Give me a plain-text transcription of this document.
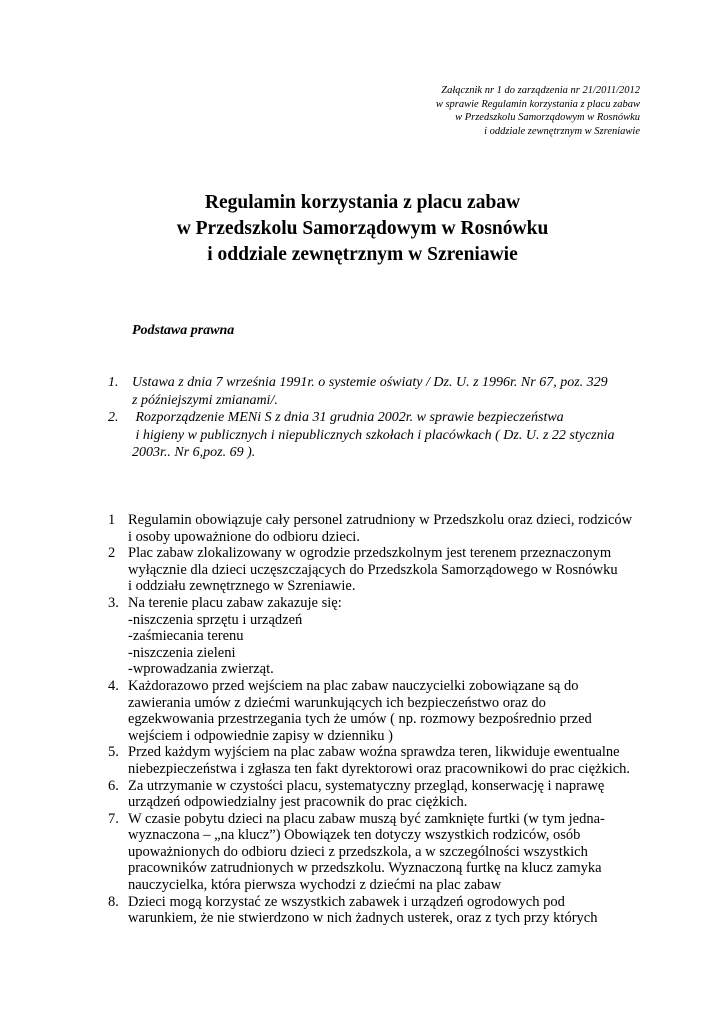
Załącznik nr 1 do zarządzenia nr 21/2011/2012
w sprawie Regulamin korzystania z placu zabaw
w Przedszkolu Samorządowym w Rosnówku
i oddziale zewnętrznym w Szreniawie
Regulamin korzystania z placu zabaw
w Przedszkolu Samorządowym w Rosnówku
i oddziale zewnętrznym w Szreniawie
Podstawa prawna
1. Ustawa z dnia 7 września 1991r. o systemie oświaty / Dz. U. z 1996r. Nr 67, poz. 329
z późniejszymi zmianami/.
2. Rozporządzenie MENi S z dnia 31 grudnia 2002r. w sprawie bezpieczeństwa
i higieny w publicznych i niepublicznych szkołach i placówkach ( Dz. U. z 22 stycznia
2003r.. Nr 6,poz. 69 ).
1 Regulamin obowiązuje cały personel zatrudniony w Przedszkolu oraz dzieci, rodziców
i osoby upoważnione do odbioru dzieci.
2 Plac zabaw zlokalizowany w ogrodzie przedszkolnym jest terenem przeznaczonym
wyłącznie dla dzieci uczęszczających do Przedszkola Samorządowego w Rosnówku
i oddziału zewnętrznego w Szreniawie.
3. Na terenie placu zabaw zakazuje się:
-niszczenia sprzętu i urządzeń
-zaśmiecania terenu
-niszczenia zieleni
-wprowadzania zwierząt.
4. Każdorazowo przed wejściem na plac zabaw nauczycielki zobowiązane są do
zawierania umów z dziećmi warunkujących ich bezpieczeństwo oraz do
egzekwowania przestrzegania tych że umów ( np. rozmowy bezpośrednio przed
wejściem i odpowiednie zapisy w dzienniku )
5. Przed każdym wyjściem na plac zabaw woźna sprawdza teren, likwiduje ewentualne
niebezpieczeństwa i zgłasza ten fakt dyrektorowi oraz pracownikowi do prac ciężkich.
6. Za utrzymanie w czystości placu, systematyczny przegląd, konserwację i naprawę
urządzeń odpowiedzialny jest pracownik do prac ciężkich.
7. W czasie pobytu dzieci na placu zabaw muszą być zamknięte furtki (w tym jedna-
wyznaczona – „na klucz”) Obowiązek ten dotyczy wszystkich rodziców, osób
upoważnionych do odbioru dzieci z przedszkola, a w szczególności wszystkich
pracowników zatrudnionych w przedszkolu. Wyznaczoną furtkę na klucz zamyka
nauczycielka, która pierwsza wychodzi z dziećmi na plac zabaw
8. Dzieci mogą korzystać ze wszystkich zabawek i urządzeń ogrodowych pod
warunkiem, że nie stwierdzono w nich żadnych usterek, oraz z tych przy których
